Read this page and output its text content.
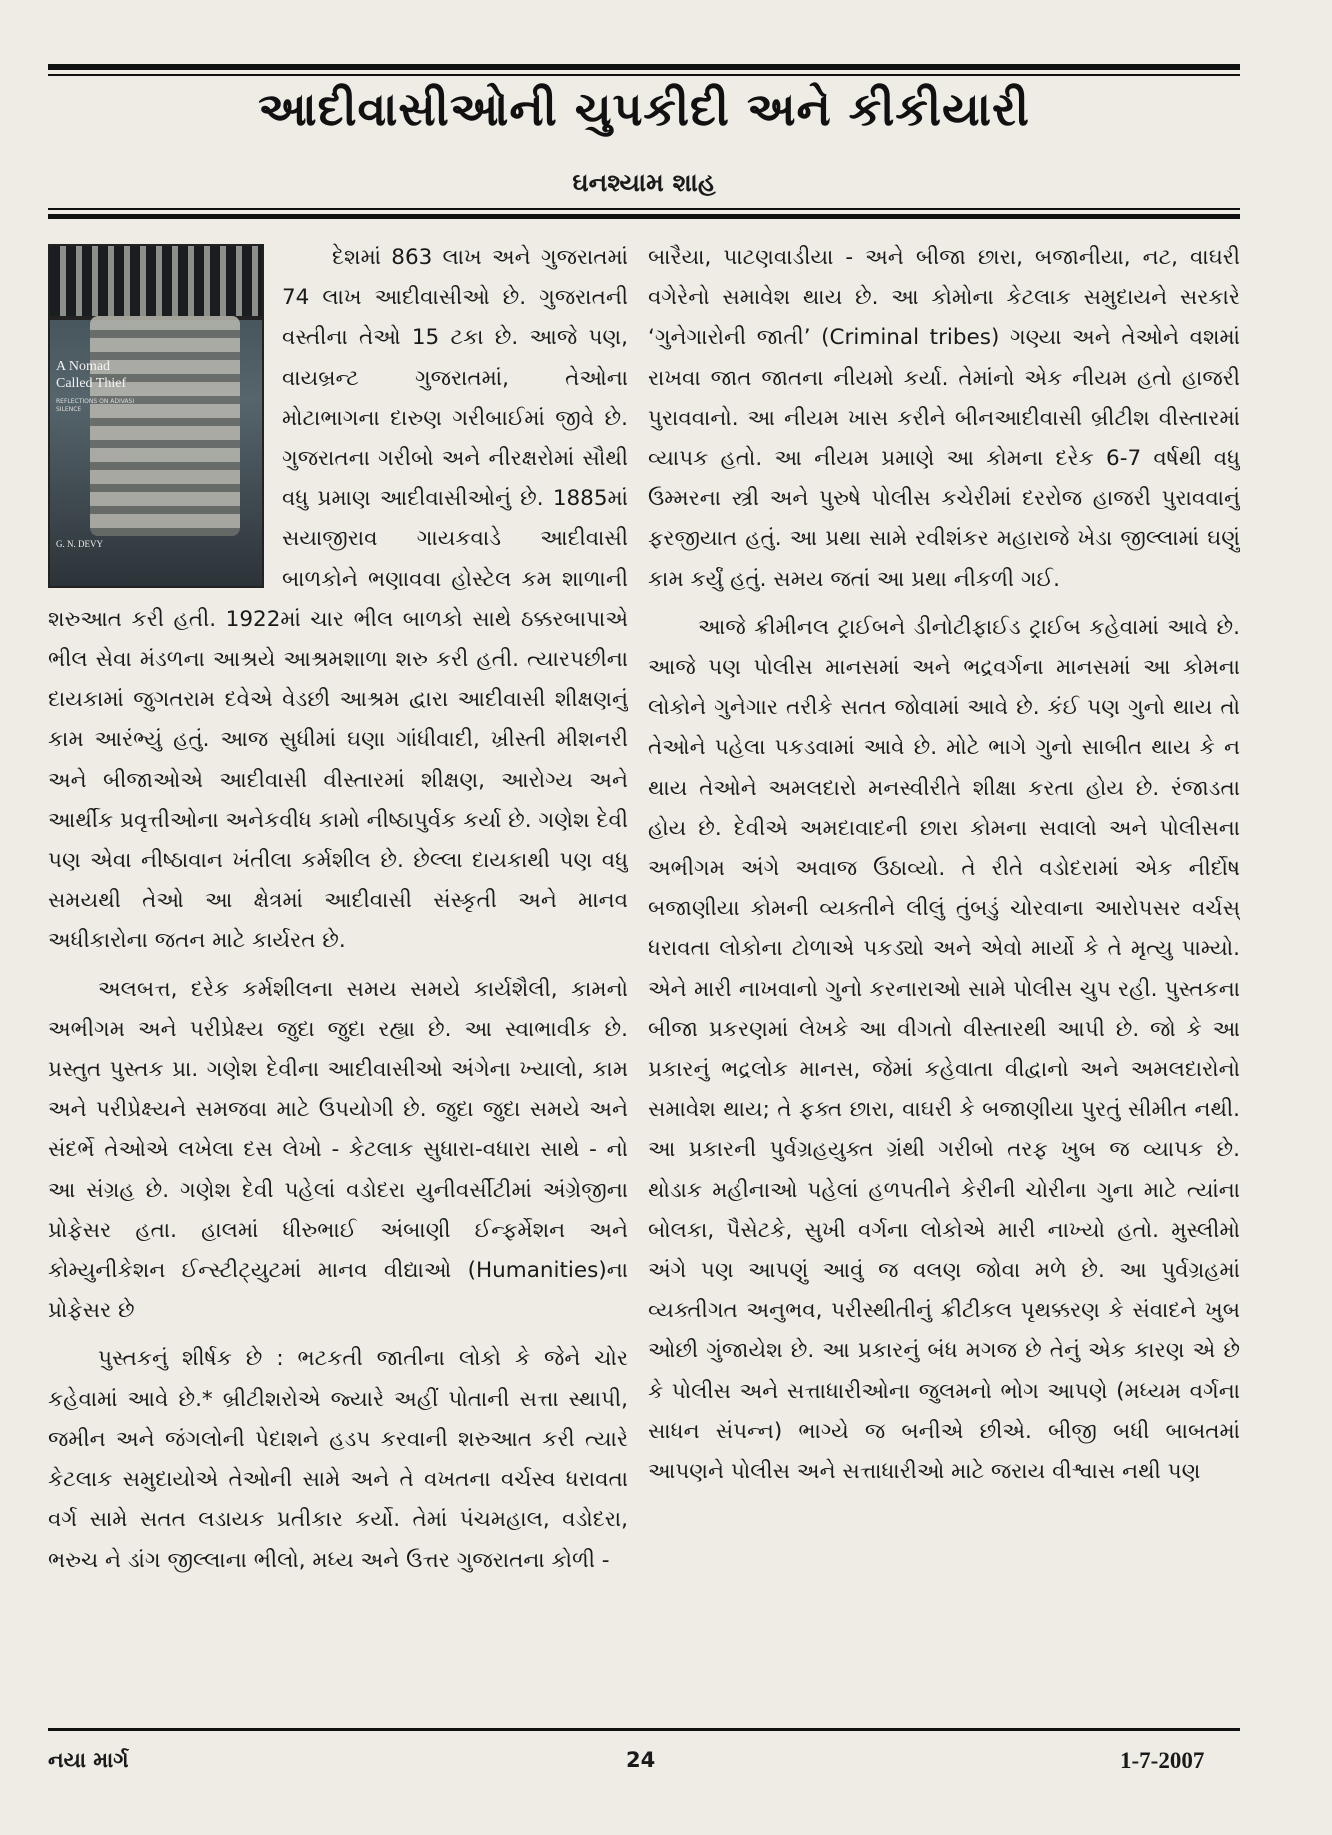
આદીવાસીઓની ચુપકીદી અને કીકીયારી
ઘનશ્યામ શાહ
A Nomad
Called Thief
REFLECTIONS ON ADIVASI SILENCE
G. N. DEVY

દેશમાં 863 લાખ અને ગુજરાતમાં 74 લાખ આદીવાસીઓ છે. ગુજરાતની વસ્તીના તેઓ 15 ટકા છે. આજે પણ, વાયબ્રન્ટ ગુજરાતમાં, તેઓના મોટાભાગના દારુણ ગરીબાઈમાં જીવે છે. ગુજરાતના ગરીબો અને નીરક્ષરોમાં સૌથી વધુ પ્રમાણ આદીવાસીઓનું છે. 1885માં સયાજીરાવ ગાયકવાડે આદીવાસી બાળકોને ભણાવવા હોસ્ટેલ કમ શાળાની શરુઆત કરી હતી. 1922માં ચાર ભીલ બાળકો સાથે ઠક્કરબાપાએ ભીલ સેવા મંડળના આશ્રયે આશ્રમશાળા શરુ કરી હતી. ત્યારપછીના દાયકામાં જુગતરામ દવેએ વેડછી આશ્રમ દ્વારા આદીવાસી શીક્ષણનું કામ આરંભ્યું હતું. આજ સુધીમાં ઘણા ગાંધીવાદી, ખ્રીસ્તી મીશનરી અને બીજાઓએ આદીવાસી વીસ્તારમાં શીક્ષણ, આરોગ્ય અને આર્થીક પ્રવૃત્તીઓના અનેકવીધ કામો નીષ્ઠાપુર્વક કર્યા છે. ગણેશ દેવી પણ એવા નીષ્ઠાવાન ખંતીલા કર્મશીલ છે. છેલ્લા દાયકાથી પણ વધુ સમયથી તેઓ આ ક્ષેત્રમાં આદીવાસી સંસ્કૃતી અને માનવ અધીકારોના જતન માટે કાર્યરત છે.

અલબત્ત, દરેક કર્મશીલના સમય સમયે કાર્યશૈલી, કામનો અભીગમ અને પરીપ્રેક્ષ્ય જુદા જુદા રહ્યા છે. આ સ્વાભાવીક છે. પ્રસ્તુત પુસ્તક પ્રા. ગણેશ દેવીના આદીવાસીઓ અંગેના ખ્યાલો, કામ અને પરીપ્રેક્ષ્યને સમજવા માટે ઉપયોગી છે. જુદા જુદા સમયે અને સંદર્ભે તેઓએ લખેલા દસ લેખો - કેટલાક સુધારા-વધારા સાથે - નો આ સંગ્રહ છે. ગણેશ દેવી પહેલાં વડોદરા યુનીવર્સીટીમાં અંગ્રેજીના પ્રોફેસર હતા. હાલમાં ધીરુભાઈ અંબાણી ઈન્ફર્મેશન અને કોમ્યુનીકેશન ઈન્સ્ટીટ્યુટમાં માનવ વીદ્યાઓ (Humanities)ના પ્રોફેસર છે

પુસ્તકનું શીર્ષક છે : ભટકતી જાતીના લોકો કે જેને ચોર કહેવામાં આવે છે.* બ્રીટીશરોએ જ્યારે અહીં પોતાની સત્તા સ્થાપી, જમીન અને જંગલોની પેદાશને હડપ કરવાની શરુઆત કરી ત્યારે કેટલાક સમુદાયોએ તેઓની સામે અને તે વખતના વર્ચસ્વ ધરાવતા વર્ગ સામે સતત લડાયક પ્રતીકાર કર્યો. તેમાં પંચમહાલ, વડોદરા, ભરુચ ને ડાંગ જીલ્લાના ભીલો, મધ્ય અને ઉત્તર ગુજરાતના કોળી -

બારૈયા, પાટણવાડીયા - અને બીજા છારા, બજાનીયા, નટ, વાઘરી વગેરેનો સમાવેશ થાય છે. આ કોમોના કેટલાક સમુદાયને સરકારે ‘ગુનેગારોની જાતી’ (Criminal tribes) ગણ્યા અને તેઓને વશમાં રાખવા જાત જાતના નીયમો કર્યા. તેમાંનો એક નીયમ હતો હાજરી પુરાવવાનો. આ નીયમ ખાસ કરીને બીનઆદીવાસી બ્રીટીશ વીસ્તારમાં વ્યાપક હતો. આ નીયમ પ્રમાણે આ કોમના દરેક 6-7 વર્ષથી વધુ ઉમ્મરના સ્ત્રી અને પુરુષે પોલીસ કચેરીમાં દરરોજ હાજરી પુરાવવાનું ફરજીયાત હતું. આ પ્રથા સામે રવીશંકર મહારાજે ખેડા જીલ્લામાં ઘણું કામ કર્યું હતું. સમય જતાં આ પ્રથા નીકળી ગઈ.

આજે ક્રીમીનલ ટ્રાઈબને ડીનોટીફાઈડ ટ્રાઈબ કહેવામાં આવે છે. આજે પણ પોલીસ માનસમાં અને ભદ્રવર્ગના માનસમાં આ કોમના લોકોને ગુનેગાર તરીકે સતત જોવામાં આવે છે. કંઈ પણ ગુનો થાય તો તેઓને પહેલા પકડવામાં આવે છે. મોટે ભાગે ગુનો સાબીત થાય કે ન થાય તેઓને અમલદારો મનસ્વીરીતે શીક્ષા કરતા હોય છે. રંજાડતા હોય છે. દેવીએ અમદાવાદની છારા કોમના સવાલો અને પોલીસના અભીગમ અંગે અવાજ ઉઠાવ્યો. તે રીતે વડોદરામાં એક નીર્દોષ બજાણીયા કોમની વ્યક્તીને લીલું તુંબડું ચોરવાના આરોપસર વર્ચસ્ ધરાવતા લોકોના ટોળાએ પકડ્યો અને એવો માર્યો કે તે મૃત્યુ પામ્યો. એને મારી નાખવાનો ગુનો કરનારાઓ સામે પોલીસ ચુપ રહી. પુસ્તકના બીજા પ્રકરણમાં લેખકે આ વીગતો વીસ્તારથી આપી છે. જો કે આ પ્રકારનું ભદ્રલોક માનસ, જેમાં કહેવાતા વીદ્વાનો અને અમલદારોનો સમાવેશ થાય; તે ફક્ત છારા, વાઘરી કે બજાણીયા પુરતું સીમીત નથી. આ પ્રકારની પુર્વગ્રહયુક્ત ગ્રંથી ગરીબો તરફ ખુબ જ વ્યાપક છે. થોડાક મહીનાઓ પહેલાં હળપતીને કેરીની ચોરીના ગુના માટે ત્યાંના બોલકા, પૈસેટકે, સુખી વર્ગના લોકોએ મારી નાખ્યો હતો. મુસ્લીમો અંગે પણ આપણું આવું જ વલણ જોવા મળે છે. આ પુર્વગ્રહમાં વ્યક્તીગત અનુભવ, પરીસ્થીતીનું ક્રીટીકલ પૃથક્કરણ કે સંવાદને ખુબ ઓછી ગુંજાયેશ છે. આ પ્રકારનું બંધ મગજ છે તેનું એક કારણ એ છે કે પોલીસ અને સત્તાધારીઓના જુલમનો ભોગ આપણે (મધ્યમ વર્ગના સાધન સંપન્ન) ભાગ્યે જ બનીએ છીએ. બીજી બધી બાબતમાં આપણને પોલીસ અને સત્તાધારીઓ માટે જરાય વીશ્વાસ નથી પણ

નયા માર્ગ	24	1-7-2007
